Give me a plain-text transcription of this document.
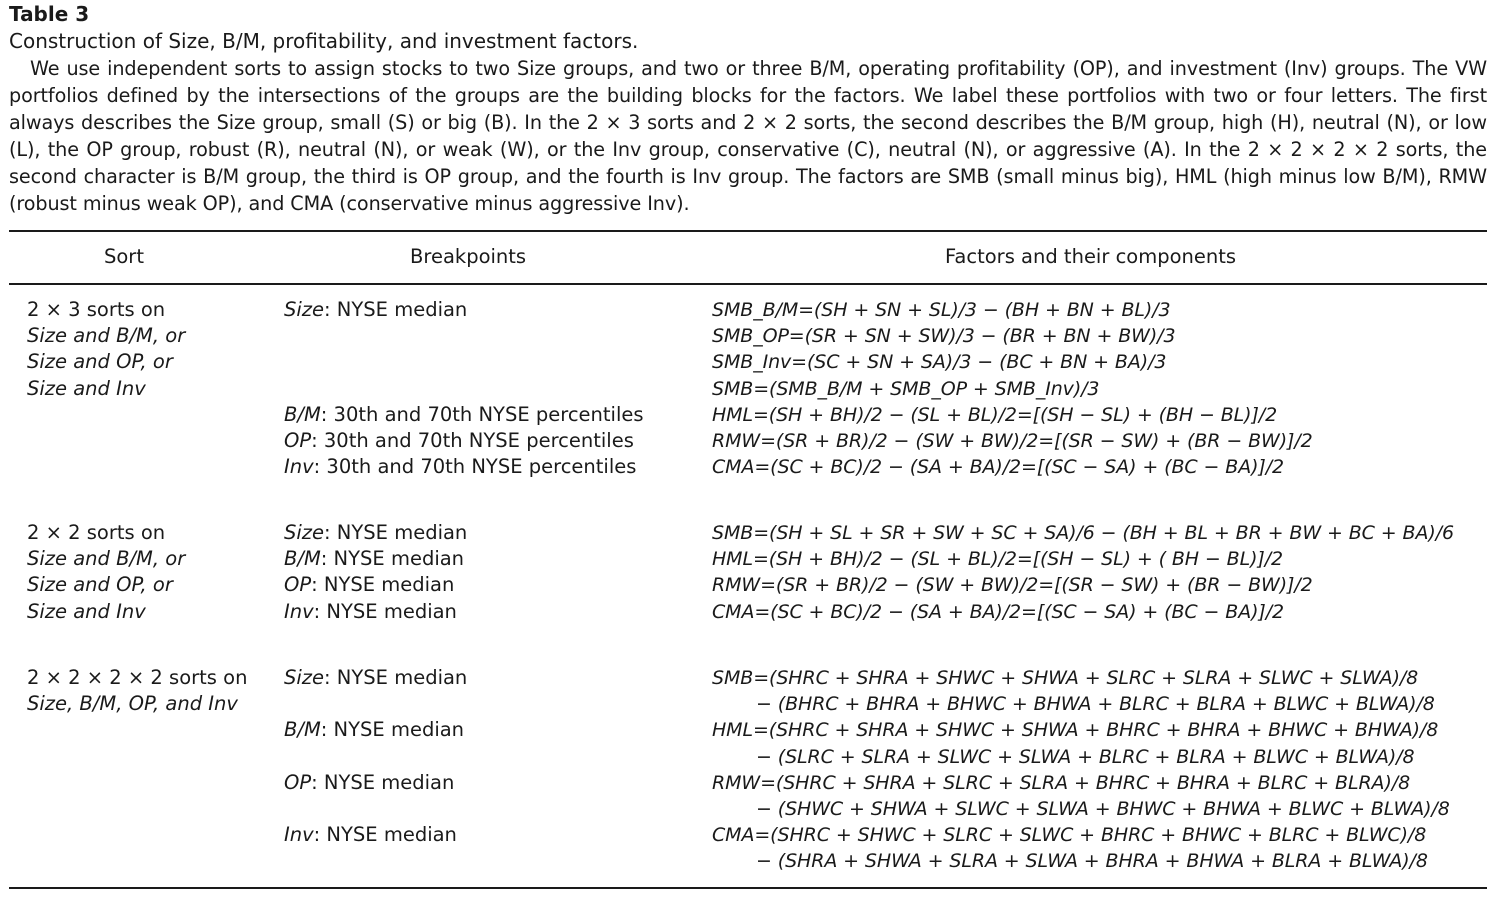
Table 3
Construction of Size, B/M, profitability, and investment factors.
We use independent sorts to assign stocks to two Size groups, and two or three B/M, operating profitability (OP), and investment (Inv) groups. The VW portfolios defined by the intersections of the groups are the building blocks for the factors. We label these portfolios with two or four letters. The first always describes the Size group, small (S) or big (B). In the 2 × 3 sorts and 2 × 2 sorts, the second describes the B/M group, high (H), neutral (N), or low (L), the OP group, robust (R), neutral (N), or weak (W), or the Inv group, conservative (C), neutral (N), or aggressive (A). In the 2 × 2 × 2 × 2 sorts, the second character is B/M group, the third is OP group, and the fourth is Inv group. The factors are SMB (small minus big), HML (high minus low B/M), RMW (robust minus weak OP), and CMA (conservative minus aggressive Inv).
Sort	Breakpoints	Factors and their components
2 × 3 sorts on
Size and B/M, or
Size and OP, or
Size and Inv
Size: NYSE median
B/M: 30th and 70th NYSE percentiles
OP: 30th and 70th NYSE percentiles
Inv: 30th and 70th NYSE percentiles
SMB_B/M=(SH + SN + SL)/3 − (BH + BN + BL)/3
SMB_OP=(SR + SN + SW)/3 − (BR + BN + BW)/3
SMB_Inv=(SC + SN + SA)/3 − (BC + BN + BA)/3
SMB=(SMB_B/M + SMB_OP + SMB_Inv)/3
HML=(SH + BH)/2 − (SL + BL)/2=[(SH − SL) + (BH − BL)]/2
RMW=(SR + BR)/2 − (SW + BW)/2=[(SR − SW) + (BR − BW)]/2
CMA=(SC + BC)/2 − (SA + BA)/2=[(SC − SA) + (BC − BA)]/2
2 × 2 sorts on
Size and B/M, or
Size and OP, or
Size and Inv
Size: NYSE median
B/M: NYSE median
OP: NYSE median
Inv: NYSE median
SMB=(SH + SL + SR + SW + SC + SA)/6 − (BH + BL + BR + BW + BC + BA)/6
HML=(SH + BH)/2 − (SL + BL)/2=[(SH − SL) + ( BH − BL)]/2
RMW=(SR + BR)/2 − (SW + BW)/2=[(SR − SW) + (BR − BW)]/2
CMA=(SC + BC)/2 − (SA + BA)/2=[(SC − SA) + (BC − BA)]/2
2 × 2 × 2 × 2 sorts on
Size, B/M, OP, and Inv
Size: NYSE median
B/M: NYSE median
OP: NYSE median
Inv: NYSE median
SMB=(SHRC + SHRA + SHWC + SHWA + SLRC + SLRA + SLWC + SLWA)/8
− (BHRC + BHRA + BHWC + BHWA + BLRC + BLRA + BLWC + BLWA)/8
HML=(SHRC + SHRA + SHWC + SHWA + BHRC + BHRA + BHWC + BHWA)/8
− (SLRC + SLRA + SLWC + SLWA + BLRC + BLRA + BLWC + BLWA)/8
RMW=(SHRC + SHRA + SLRC + SLRA + BHRC + BHRA + BLRC + BLRA)/8
− (SHWC + SHWA + SLWC + SLWA + BHWC + BHWA + BLWC + BLWA)/8
CMA=(SHRC + SHWC + SLRC + SLWC + BHRC + BHWC + BLRC + BLWC)/8
− (SHRA + SHWA + SLRA + SLWA + BHRA + BHWA + BLRA + BLWA)/8
